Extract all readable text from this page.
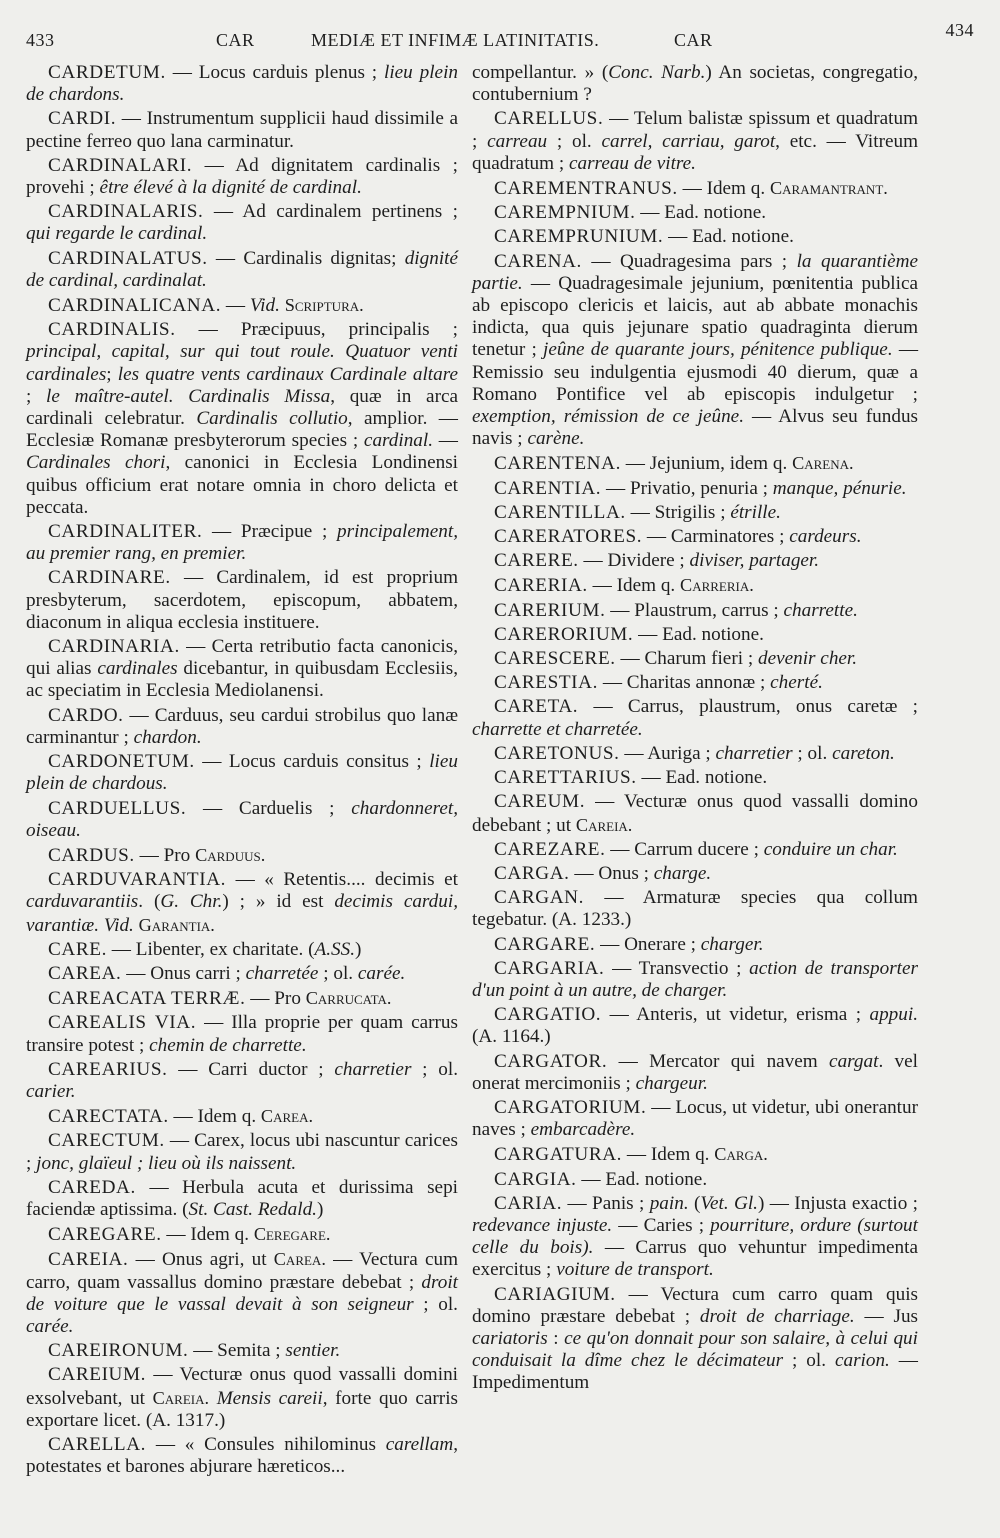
433	CAR	MEDIÆ ET INFIMÆ LATINITATIS.	CAR	434

CARDETUM. — Locus carduis plenus ; lieu plein de chardons.

CARDI. — Instrumentum supplicii haud dissimile a pectine ferreo quo lana carminatur.

CARDINALARI. — Ad dignitatem cardinalis ; provehi ; être élevé à la dignité de cardinal.

CARDINALARIS. — Ad cardinalem pertinens ; qui regarde le cardinal.

CARDINALATUS. — Cardinalis dignitas; dignité de cardinal, cardinalat.

CARDINALICANA. — Vid. Scriptura.

CARDINALIS. — Præcipuus, principalis ; principal, capital, sur qui tout roule. Quatuor venti cardinales; les quatre vents cardinaux Cardinale altare ; le maître-autel. Cardinalis Missa, quæ in arca cardinali celebratur. Cardinalis collutio, amplior. — Ecclesiæ Romanæ presbyterorum species ; cardinal. — Cardinales chori, canonici in Ecclesia Londinensi quibus officium erat notare omnia in choro delicta et peccata.

CARDINALITER. — Præcipue ; principalement, au premier rang, en premier.

CARDINARE. — Cardinalem, id est proprium presbyterum, sacerdotem, episcopum, abbatem, diaconum in aliqua ecclesia instituere.

CARDINARIA. — Certa retributio facta canonicis, qui alias cardinales dicebantur, in quibusdam Ecclesiis, ac speciatim in Ecclesia Mediolanensi.

CARDO. — Carduus, seu cardui strobilus quo lanæ carminantur ; chardon.

CARDONETUM. — Locus carduis consitus ; lieu plein de chardous.

CARDUELLUS. — Carduelis ; chardonneret, oiseau.

CARDUS. — Pro Carduus.

CARDUVARANTIA. — « Retentis.... decimis et carduvarantiis. (G. Chr.) ; » id est decimis cardui, varantiæ. Vid. Garantia.

CARE. — Libenter, ex charitate. (A.SS.)

CAREA. — Onus carri ; charretée ; ol. carée.

CAREACATA TERRÆ. — Pro Carrucata.

CAREALIS VIA. — Illa proprie per quam carrus transire potest ; chemin de charrette.

CAREARIUS. — Carri ductor ; charretier ; ol. carier.

CARECTATA. — Idem q. Carea.

CARECTUM. — Carex, locus ubi nascuntur carices ; jonc, glaïeul ; lieu où ils naissent.

CAREDA. — Herbula acuta et durissima sepi faciendæ aptissima. (St. Cast. Redald.)

CAREGARE. — Idem q. Ceregare.

CAREIA. — Onus agri, ut Carea. — Vectura cum carro, quam vassallus domino præstare debebat ; droit de voiture que le vassal devait à son seigneur ; ol. carée.

CAREIRONUM. — Semita ; sentier.

CAREIUM. — Vecturæ onus quod vassalli domini exsolvebant, ut Careia. Mensis careii, forte quo carris exportare licet. (A. 1317.)

CARELLA. — « Consules nihilominus carellam, potestates et barones abjurare hæreticos...

compellantur. » (Conc. Narb.) An societas, congregatio, contubernium ?

CARELLUS. — Telum balistæ spissum et quadratum ; carreau ; ol. carrel, carriau, garot, etc. — Vitreum quadratum ; carreau de vitre.

CAREMENTRANUS. — Idem q. Caramantrant.

CAREMPNIUM. — Ead. notione.

CAREMPRUNIUM. — Ead. notione.

CARENA. — Quadragesima pars ; la quarantième partie. — Quadragesimale jejunium, pœnitentia publica ab episcopo clericis et laicis, aut ab abbate monachis indicta, qua quis jejunare spatio quadraginta dierum tenetur ; jeûne de quarante jours, pénitence publique. — Remissio seu indulgentia ejusmodi 40 dierum, quæ a Romano Pontifice vel ab episcopis indulgetur ; exemption, rémission de ce jeûne. — Alvus seu fundus navis ; carène.

CARENTENA. — Jejunium, idem q. Carena.

CARENTIA. — Privatio, penuria ; manque, pénurie.

CARENTILLA. — Strigilis ; étrille.

CARERATORES. — Carminatores ; cardeurs.

CARERE. — Dividere ; diviser, partager.

CARERIA. — Idem q. Carreria.

CARERIUM. — Plaustrum, carrus ; charrette.

CARERORIUM. — Ead. notione.

CARESCERE. — Charum fieri ; devenir cher.

CARESTIA. — Charitas annonæ ; cherté.

CARETA. — Carrus, plaustrum, onus caretæ ; charrette et charretée.

CARETONUS. — Auriga ; charretier ; ol. careton.

CARETTARIUS. — Ead. notione.

CAREUM. — Vecturæ onus quod vassalli domino debebant ; ut Careia.

CAREZARE. — Carrum ducere ; conduire un char.

CARGA. — Onus ; charge.

CARGAN. — Armaturæ species qua collum tegebatur. (A. 1233.)

CARGARE. — Onerare ; charger.

CARGARIA. — Transvectio ; action de transporter d'un point à un autre, de charger.

CARGATIO. — Anteris, ut videtur, erisma ; appui. (A. 1164.)

CARGATOR. — Mercator qui navem cargat. vel onerat mercimoniis ; chargeur.

CARGATORIUM. — Locus, ut videtur, ubi onerantur naves ; embarcadère.

CARGATURA. — Idem q. Carga.

CARGIA. — Ead. notione.

CARIA. — Panis ; pain. (Vet. Gl.) — Injusta exactio ; redevance injuste. — Caries ; pourriture, ordure (surtout celle du bois). — Carrus quo vehuntur impedimenta exercitus ; voiture de transport.

CARIAGIUM. — Vectura cum carro quam quis domino præstare debebat ; droit de charriage. — Jus cariatoris : ce qu'on donnait pour son salaire, à celui qui conduisait la dîme chez le décimateur ; ol. carion. — Impedimentum
